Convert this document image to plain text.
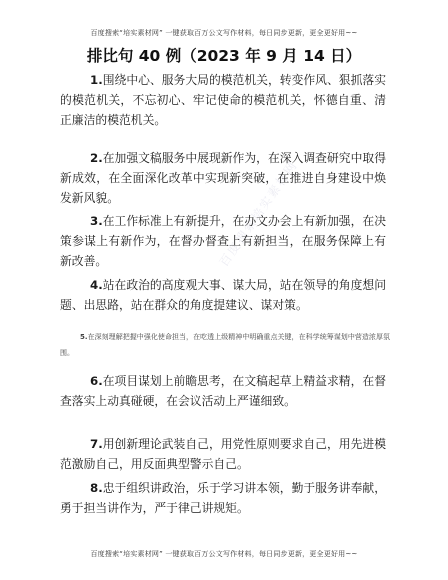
百度搜索“培实素材网” 一键获取百万公文写作材料，每日同步更新，更全更好用~~
百度搜索培实素材网
排比句 40 例（2023 年 9 月 14 日）
1.围绕中心、服务大局的模范机关，转变作风、狠抓落实的模范机关，不忘初心、牢记使命的模范机关，怀德自重、清正廉洁的模范机关。
2.在加强文稿服务中展现新作为，在深入调查研究中取得新成效，在全面深化改革中实现新突破，在推进自身建设中焕发新风貌。
3.在工作标准上有新提升，在办文办会上有新加强，在决策参谋上有新作为，在督办督查上有新担当，在服务保障上有新改善。
4.站在政治的高度观大事、谋大局，站在领导的角度想问题、出思路，站在群众的角度提建议、谋对策。
5.在深刻理解把握中强化使命担当，在吃透上级精神中明确重点关键，在科学统筹谋划中营造浓厚氛围。
6.在项目谋划上前瞻思考，在文稿起草上精益求精，在督查落实上动真碰硬，在会议活动上严谨细致。
7.用创新理论武装自己，用党性原则要求自己，用先进模范激励自己，用反面典型警示自己。
8.忠于组织讲政治，乐于学习讲本领，勤于服务讲奉献，勇于担当讲作为，严于律己讲规矩。
百度搜索“培实素材网” 一键获取百万公文写作材料，每日同步更新，更全更好用~~
